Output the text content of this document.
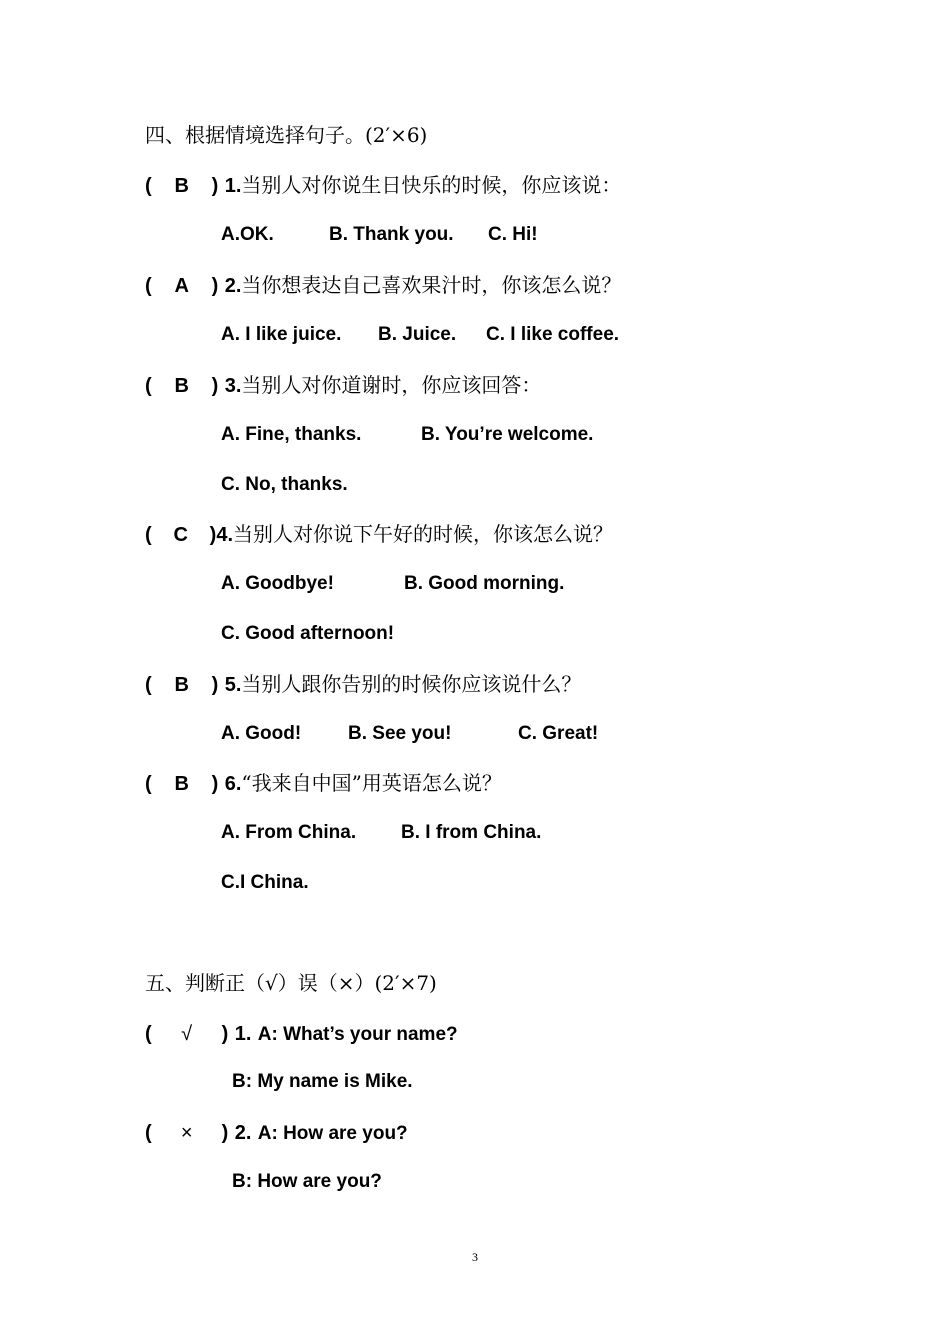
四、根据情境选择句子。(2′×6)
( B ) 1.当别人对你说生日快乐的时候，你应该说：
A.OK.	B. Thank you. C. Hi!
( A ) 2.当你想表达自己喜欢果汁时，你该怎么说？
A. I like juice. B. Juice. C. I like coffee.
( B ) 3.当别人对你道谢时，你应该回答：
A. Fine, thanks.	B. You’re welcome.
C. No, thanks.
( C )4.当别人对你说下午好的时候，你该怎么说？
A. Goodbye!	B. Good morning.
C. Good afternoon!
( B ) 5.当别人跟你告别的时候你应该说什么？
A. Good! B. See you!	C. Great!
( B ) 6.“我来自中国”用英语怎么说？
A. From China. B. I from China.
C.I China.
五、判断正（√）误（×）(2′×7)
( √ ) 1. A: What’s your name?
B: My name is Mike.
( × ) 2. A: How are you?
B: How are you?
3
